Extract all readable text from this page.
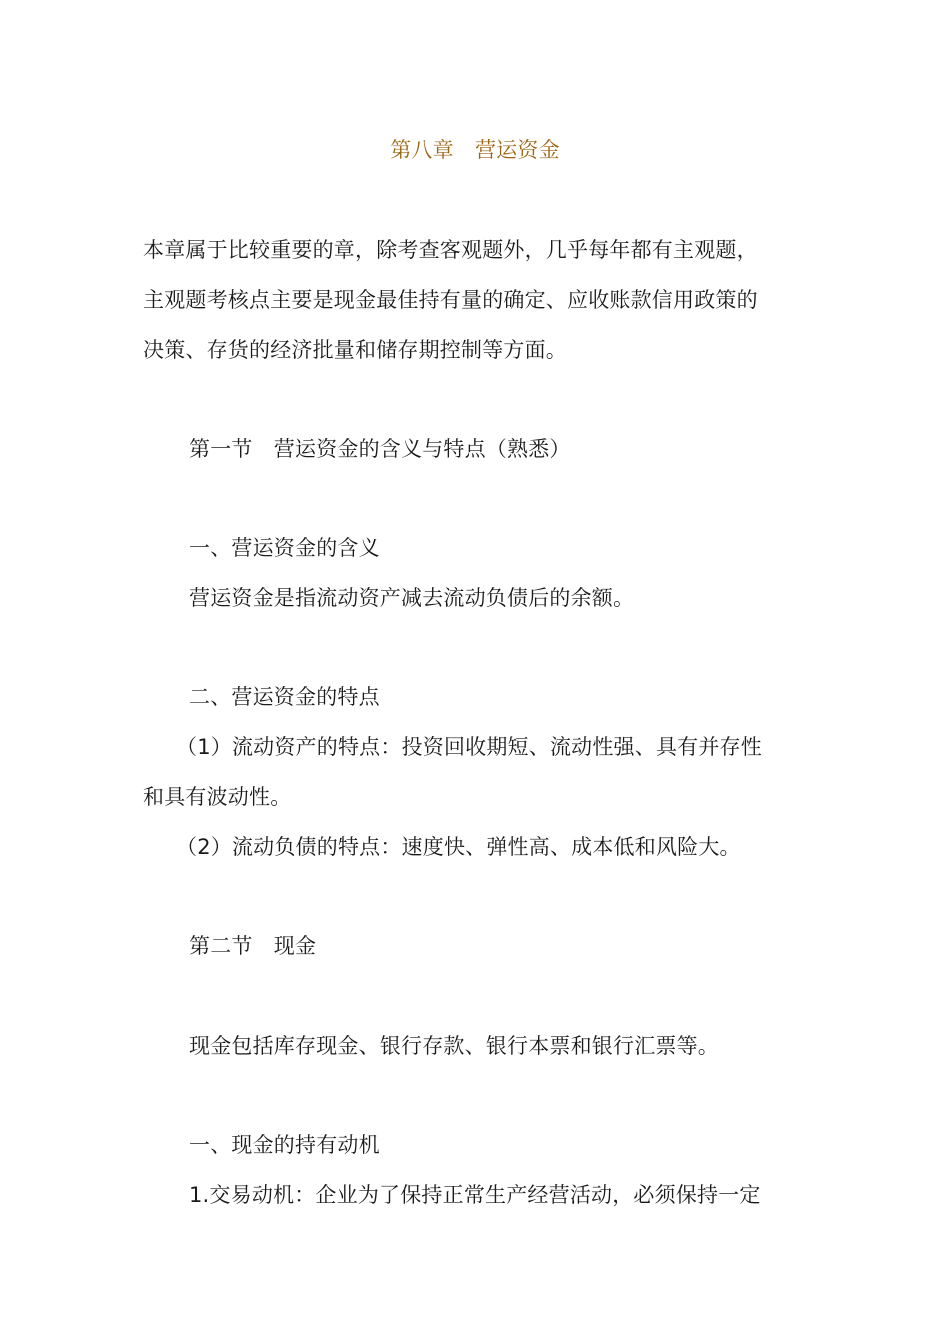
第八章　营运资金
本章属于比较重要的章，除考查客观题外，几乎每年都有主观题，
主观题考核点主要是现金最佳持有量的确定、应收账款信用政策的
决策、存货的经济批量和储存期控制等方面。
第一节　营运资金的含义与特点（熟悉）
一、营运资金的含义
营运资金是指流动资产减去流动负债后的余额。
二、营运资金的特点
（1）流动资产的特点：投资回收期短、流动性强、具有并存性
和具有波动性。
（2）流动负债的特点：速度快、弹性高、成本低和风险大。
第二节　现金
现金包括库存现金、银行存款、银行本票和银行汇票等。
一、现金的持有动机
1.交易动机：企业为了保持正常生产经营活动，必须保持一定
